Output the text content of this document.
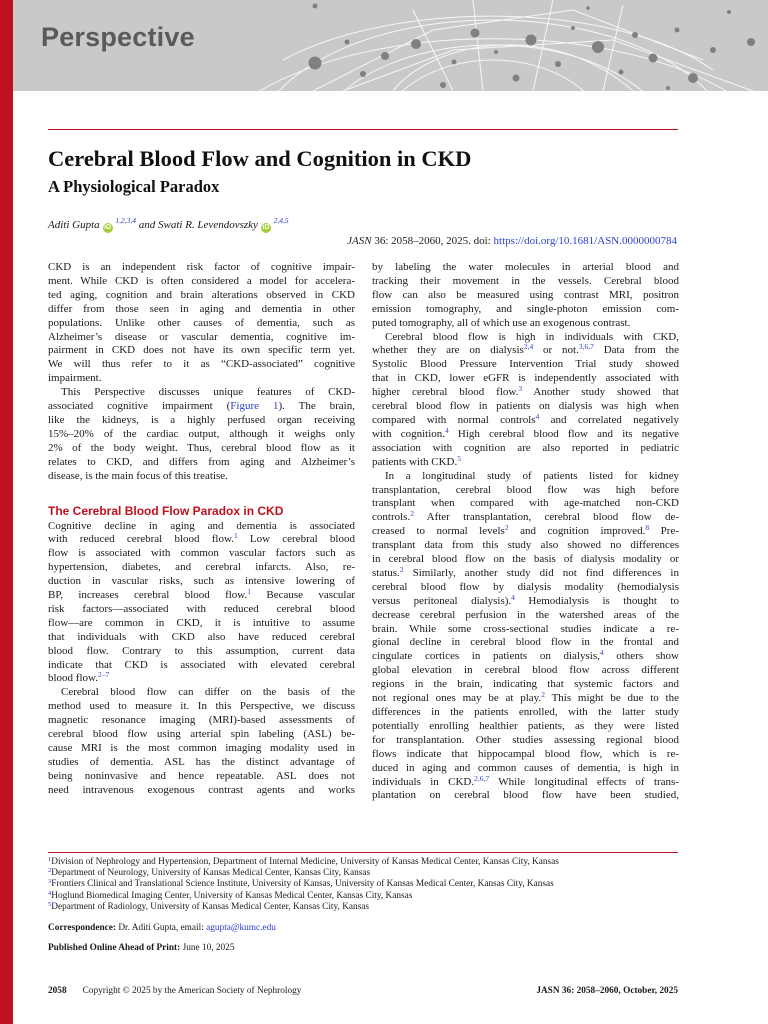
Perspective
Cerebral Blood Flow and Cognition in CKD
A Physiological Paradox
Aditi Gupta iD $^{1,2,3,4}$ and Swati R. Levendovszky iD $^{2,4,5}$
JASN 36: 2058–2060, 2025. doi: https://doi.org/10.1681/ASN.0000000784
CKD is an independent risk factor of cognitive impair-
ment. While CKD is often considered a model for accelera-
ted aging, cognition and brain alterations observed in CKD
differ from those seen in aging and dementia in other
populations. Unlike other causes of dementia, such as
Alzheimer’s disease or vascular dementia, cognitive im-
pairment in CKD does not have its own specific term yet.
We will thus refer to it as “CKD-associated” cognitive
impairment.
This Perspective discusses unique features of CKD-
associated cognitive impairment (Figure 1). The brain,
like the kidneys, is a highly perfused organ receiving
15%–20% of the cardiac output, although it weighs only
2% of the body weight. Thus, cerebral blood flow as it
relates to CKD, and differs from aging and Alzheimer’s
disease, is the main focus of this treatise.
The Cerebral Blood Flow Paradox in CKD
Cognitive decline in aging and dementia is associated
with reduced cerebral blood flow.$^1$ Low cerebral blood
flow is associated with common vascular factors such as
hypertension, diabetes, and cerebral infarcts. Also, re-
duction in vascular risks, such as intensive lowering of
BP, increases cerebral blood flow.$^1$ Because vascular
risk factors—associated with reduced cerebral blood
flow—are common in CKD, it is intuitive to assume
that individuals with CKD also have reduced cerebral
blood flow. Contrary to this assumption, current data
indicate that CKD is associated with elevated cerebral
blood flow.$^{2-7}$
Cerebral blood flow can differ on the basis of the
method used to measure it. In this Perspective, we discuss
magnetic resonance imaging (MRI)-based assessments of
cerebral blood flow using arterial spin labeling (ASL) be-
cause MRI is the most common imaging modality used in
studies of dementia. ASL has the distinct advantage of
being noninvasive and hence repeatable. ASL does not
need intravenous exogenous contrast agents and works
by labeling the water molecules in arterial blood and
tracking their movement in the vessels. Cerebral blood
flow can also be measured using contrast MRI, positron
emission tomography, and single-photon emission com-
puted tomography, all of which use an exogenous contrast.
Cerebral blood flow is high in individuals with CKD,
whether they are on dialysis$^{2,4}$ or not.$^{3,6,7}$ Data from the
Systolic Blood Pressure Intervention Trial study showed
that in CKD, lower eGFR is independently associated with
higher cerebral blood flow.$^3$ Another study showed that
cerebral blood flow in patients on dialysis was high when
compared with normal controls$^4$ and correlated negatively
with cognition.$^4$ High cerebral blood flow and its negative
association with cognition are also reported in pediatric
patients with CKD.$^5$
In a longitudinal study of patients listed for kidney
transplantation, cerebral blood flow was high before
transplant when compared with age-matched non-CKD
controls.$^2$ After transplantation, cerebral blood flow de-
creased to normal levels$^2$ and cognition improved.$^8$ Pre-
transplant data from this study also showed no differences
in cerebral blood flow on the basis of dialysis modality or
status.$^2$ Similarly, another study did not find differences in
cerebral blood flow by dialysis modality (hemodialysis
versus peritoneal dialysis).$^4$ Hemodialysis is thought to
decrease cerebral perfusion in the watershed areas of the
brain. While some cross-sectional studies indicate a re-
gional decline in cerebral blood flow in the frontal and
cingulate cortices in patients on dialysis,$^4$ others show
global elevation in cerebral blood flow across different
regions in the brain, indicating that systemic factors and
not regional ones may be at play.$^2$ This might be due to the
differences in the patients enrolled, with the latter study
potentially enrolling healthier patients, as they were listed
for transplantation. Other studies assessing regional blood
flows indicate that hippocampal blood flow, which is re-
duced in aging and common causes of dementia, is high in
individuals in CKD.$^{2,6,7}$ While longitudinal effects of trans-
plantation on cerebral blood flow have been studied,
$^1$Division of Nephrology and Hypertension, Department of Internal Medicine, University of Kansas Medical Center, Kansas City, Kansas
$^2$Department of Neurology, University of Kansas Medical Center, Kansas City, Kansas
$^3$Frontiers Clinical and Translational Science Institute, University of Kansas, University of Kansas Medical Center, Kansas City, Kansas
$^4$Hoglund Biomedical Imaging Center, University of Kansas Medical Center, Kansas City, Kansas
$^5$Department of Radiology, University of Kansas Medical Center, Kansas City, Kansas
Correspondence: Dr. Aditi Gupta, email: agupta@kumc.edu
Published Online Ahead of Print: June 10, 2025
2058 Copyright © 2025 by the American Society of Nephrology	JASN 36: 2058–2060, October, 2025
